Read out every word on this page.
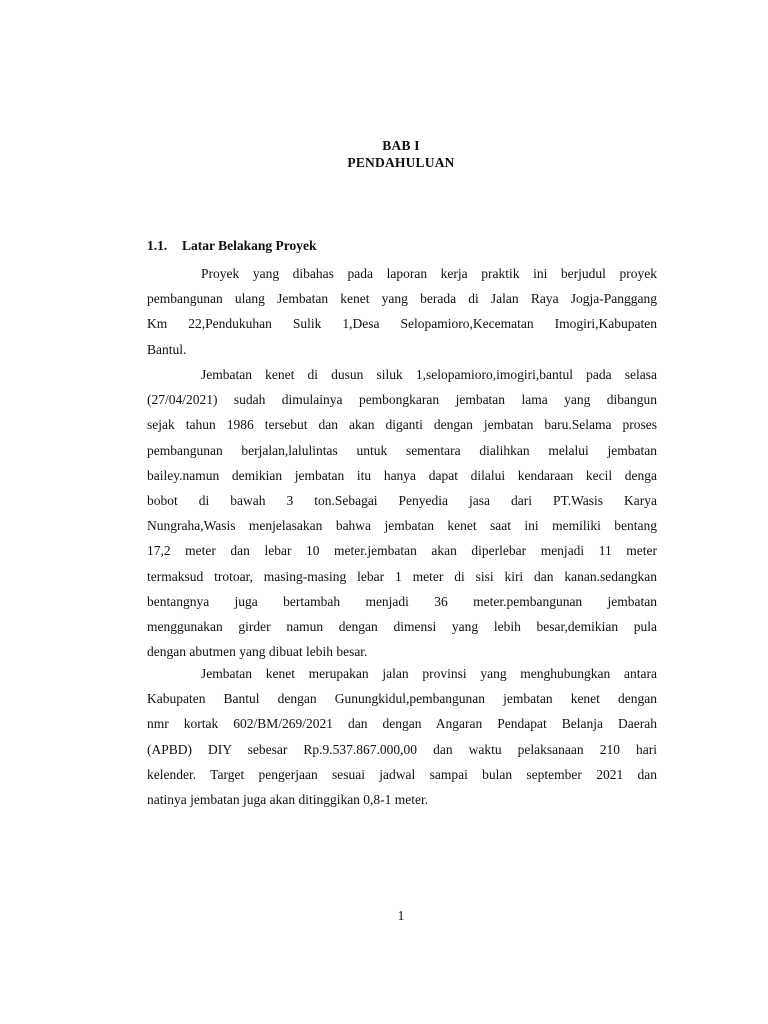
BAB I
PENDAHULUAN
1.1. Latar Belakang Proyek
Proyek yang dibahas pada laporan kerja praktik ini berjudul proyek
pembangunan ulang Jembatan kenet yang berada di Jalan Raya Jogja-Panggang
Km 22,Pendukuhan Sulik 1,Desa Selopamioro,Kecematan Imogiri,Kabupaten
Bantul.
Jembatan kenet di dusun siluk 1,selopamioro,imogiri,bantul pada selasa
(27/04/2021) sudah dimulainya pembongkaran jembatan lama yang dibangun
sejak tahun 1986 tersebut dan akan diganti dengan jembatan baru.Selama proses
pembangunan berjalan,lalulintas untuk sementara dialihkan melalui jembatan
bailey.namun demikian jembatan itu hanya dapat dilalui kendaraan kecil denga
bobot di bawah 3 ton.Sebagai Penyedia jasa dari PT.Wasis Karya
Nungraha,Wasis menjelasakan bahwa jembatan kenet saat ini memiliki bentang
17,2 meter dan lebar 10 meter.jembatan akan diperlebar menjadi 11 meter
termaksud trotoar, masing-masing lebar 1 meter di sisi kiri dan kanan.sedangkan
bentangnya juga bertambah menjadi 36 meter.pembangunan jembatan
menggunakan girder namun dengan dimensi yang lebih besar,demikian pula
dengan abutmen yang dibuat lebih besar.
Jembatan kenet merupakan jalan provinsi yang menghubungkan antara
Kabupaten Bantul dengan Gunungkidul,pembangunan jembatan kenet dengan
nmr kortak 602/BM/269/2021 dan dengan Angaran Pendapat Belanja Daerah
(APBD) DIY sebesar Rp.9.537.867.000,00 dan waktu pelaksanaan 210 hari
kelender. Target pengerjaan sesuai jadwal sampai bulan september 2021 dan
natinya jembatan juga akan ditinggikan 0,8-1 meter.
1
